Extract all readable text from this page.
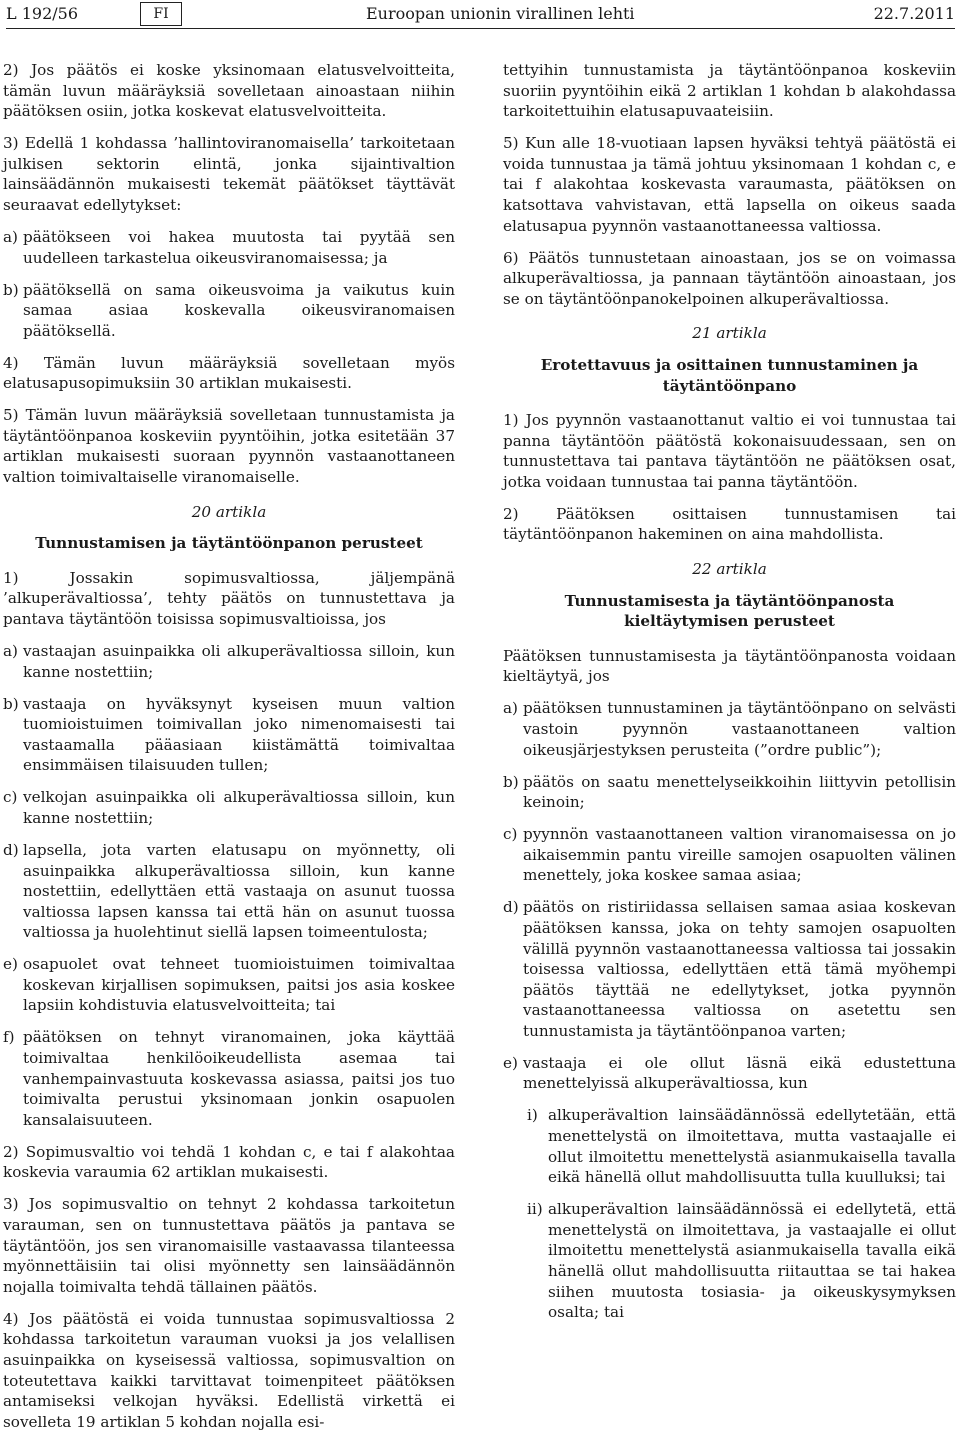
L 192/56	FI	Euroopan unionin virallinen lehti	22.7.2011

2) Jos päätös ei koske yksinomaan elatusvelvoitteita, tämän luvun määräyksiä sovelletaan ainoastaan niihin päätöksen osiin, jotka koskevat elatusvelvoitteita.

3) Edellä 1 kohdassa ’hallintoviranomaisella’ tarkoitetaan julkisen sektorin elintä, jonka sijaintivaltion lainsäädännön mukaisesti tekemät päätökset täyttävät seuraavat edellytykset:

a) päätökseen voi hakea muutosta tai pyytää sen uudelleen tarkastelua oikeusviranomaisessa; ja
b) päätöksellä on sama oikeusvoima ja vaikutus kuin samaa asiaa koskevalla oikeusviranomaisen päätöksellä.

4) Tämän luvun määräyksiä sovelletaan myös elatusapusopimuksiin 30 artiklan mukaisesti.

5) Tämän luvun määräyksiä sovelletaan tunnustamista ja täytäntöönpanoa koskeviin pyyntöihin, jotka esitetään 37 artiklan mukaisesti suoraan pyynnön vastaanottaneen valtion toimivaltaiselle viranomaiselle.

20 artikla

Tunnustamisen ja täytäntöönpanon perusteet

1) Jossakin sopimusvaltiossa, jäljempänä ’alkuperävaltiossa’, tehty päätös on tunnustettava ja pantava täytäntöön toisissa sopimusvaltioissa, jos

a) vastaajan asuinpaikka oli alkuperävaltiossa silloin, kun kanne nostettiin;
b) vastaaja on hyväksynyt kyseisen muun valtion tuomioistuimen toimivallan joko nimenomaisesti tai vastaamalla pääasiaan kiistämättä toimivaltaa ensimmäisen tilaisuuden tullen;
c) velkojan asuinpaikka oli alkuperävaltiossa silloin, kun kanne nostettiin;
d) lapsella, jota varten elatusapu on myönnetty, oli asuinpaikka alkuperävaltiossa silloin, kun kanne nostettiin, edellyttäen että vastaaja on asunut tuossa valtiossa lapsen kanssa tai että hän on asunut tuossa valtiossa ja huolehtinut siellä lapsen toimeentulosta;
e) osapuolet ovat tehneet tuomioistuimen toimivaltaa koskevan kirjallisen sopimuksen, paitsi jos asia koskee lapsiin kohdistuvia elatusvelvoitteita; tai
f) päätöksen on tehnyt viranomainen, joka käyttää toimivaltaa henkilöoikeudellista asemaa tai vanhempainvastuuta koskevassa asiassa, paitsi jos tuo toimivalta perustui yksinomaan jonkin osapuolen kansalaisuuteen.

2) Sopimusvaltio voi tehdä 1 kohdan c, e tai f alakohtaa koskevia varaumia 62 artiklan mukaisesti.

3) Jos sopimusvaltio on tehnyt 2 kohdassa tarkoitetun varauman, sen on tunnustettava päätös ja pantava se täytäntöön, jos sen viranomaisille vastaavassa tilanteessa myönnettäisiin tai olisi myönnetty sen lainsäädännön nojalla toimivalta tehdä tällainen päätös.

4) Jos päätöstä ei voida tunnustaa sopimusvaltiossa 2 kohdassa tarkoitetun varauman vuoksi ja jos velallisen asuinpaikka on kyseisessä valtiossa, sopimusvaltion on toteutettava kaikki tarvittavat toimenpiteet päätöksen antamiseksi velkojan hyväksi. Edellistä virkettä ei sovelleta 19 artiklan 5 kohdan nojalla esi-

tettyihin tunnustamista ja täytäntöönpanoa koskeviin suoriin pyyntöihin eikä 2 artiklan 1 kohdan b alakohdassa tarkoitettuihin elatusapuvaateisiin.

5) Kun alle 18-vuotiaan lapsen hyväksi tehtyä päätöstä ei voida tunnustaa ja tämä johtuu yksinomaan 1 kohdan c, e tai f alakohtaa koskevasta varaumasta, päätöksen on katsottava vahvistavan, että lapsella on oikeus saada elatusapua pyynnön vastaanottaneessa valtiossa.

6) Päätös tunnustetaan ainoastaan, jos se on voimassa alkuperävaltiossa, ja pannaan täytäntöön ainoastaan, jos se on täytäntöönpanokelpoinen alkuperävaltiossa.

21 artikla

Erotettavuus ja osittainen tunnustaminen ja täytäntöönpano

1) Jos pyynnön vastaanottanut valtio ei voi tunnustaa tai panna täytäntöön päätöstä kokonaisuudessaan, sen on tunnustettava tai pantava täytäntöön ne päätöksen osat, jotka voidaan tunnustaa tai panna täytäntöön.

2) Päätöksen osittaisen tunnustamisen tai täytäntöönpanon hakeminen on aina mahdollista.

22 artikla

Tunnustamisesta ja täytäntöönpanosta kieltäytymisen perusteet

Päätöksen tunnustamisesta ja täytäntöönpanosta voidaan kieltäytyä, jos

a) päätöksen tunnustaminen ja täytäntöönpano on selvästi vastoin pyynnön vastaanottaneen valtion oikeusjärjestyksen perusteita (”ordre public”);
b) päätös on saatu menettelyseikkoihin liittyvin petollisin keinoin;
c) pyynnön vastaanottaneen valtion viranomaisessa on jo aikaisemmin pantu vireille samojen osapuolten välinen menettely, joka koskee samaa asiaa;
d) päätös on ristiriidassa sellaisen samaa asiaa koskevan päätöksen kanssa, joka on tehty samojen osapuolten välillä pyynnön vastaanottaneessa valtiossa tai jossakin toisessa valtiossa, edellyttäen että tämä myöhempi päätös täyttää ne edellytykset, jotka pyynnön vastaanottaneessa valtiossa on asetettu sen tunnustamista ja täytäntöönpanoa varten;
e) vastaaja ei ole ollut läsnä eikä edustettuna menettelyissä alkuperävaltiossa, kun
i) alkuperävaltion lainsäädännössä edellytetään, että menettelystä on ilmoitettava, mutta vastaajalle ei ollut ilmoitettu menettelystä asianmukaisella tavalla eikä hänellä ollut mahdollisuutta tulla kuulluksi; tai
ii) alkuperävaltion lainsäädännössä ei edellytetä, että menettelystä on ilmoitettava, ja vastaajalle ei ollut ilmoitettu menettelystä asianmukaisella tavalla eikä hänellä ollut mahdollisuutta riitauttaa se tai hakea siihen muutosta tosiasia- ja oikeuskysymyksen osalta; tai
